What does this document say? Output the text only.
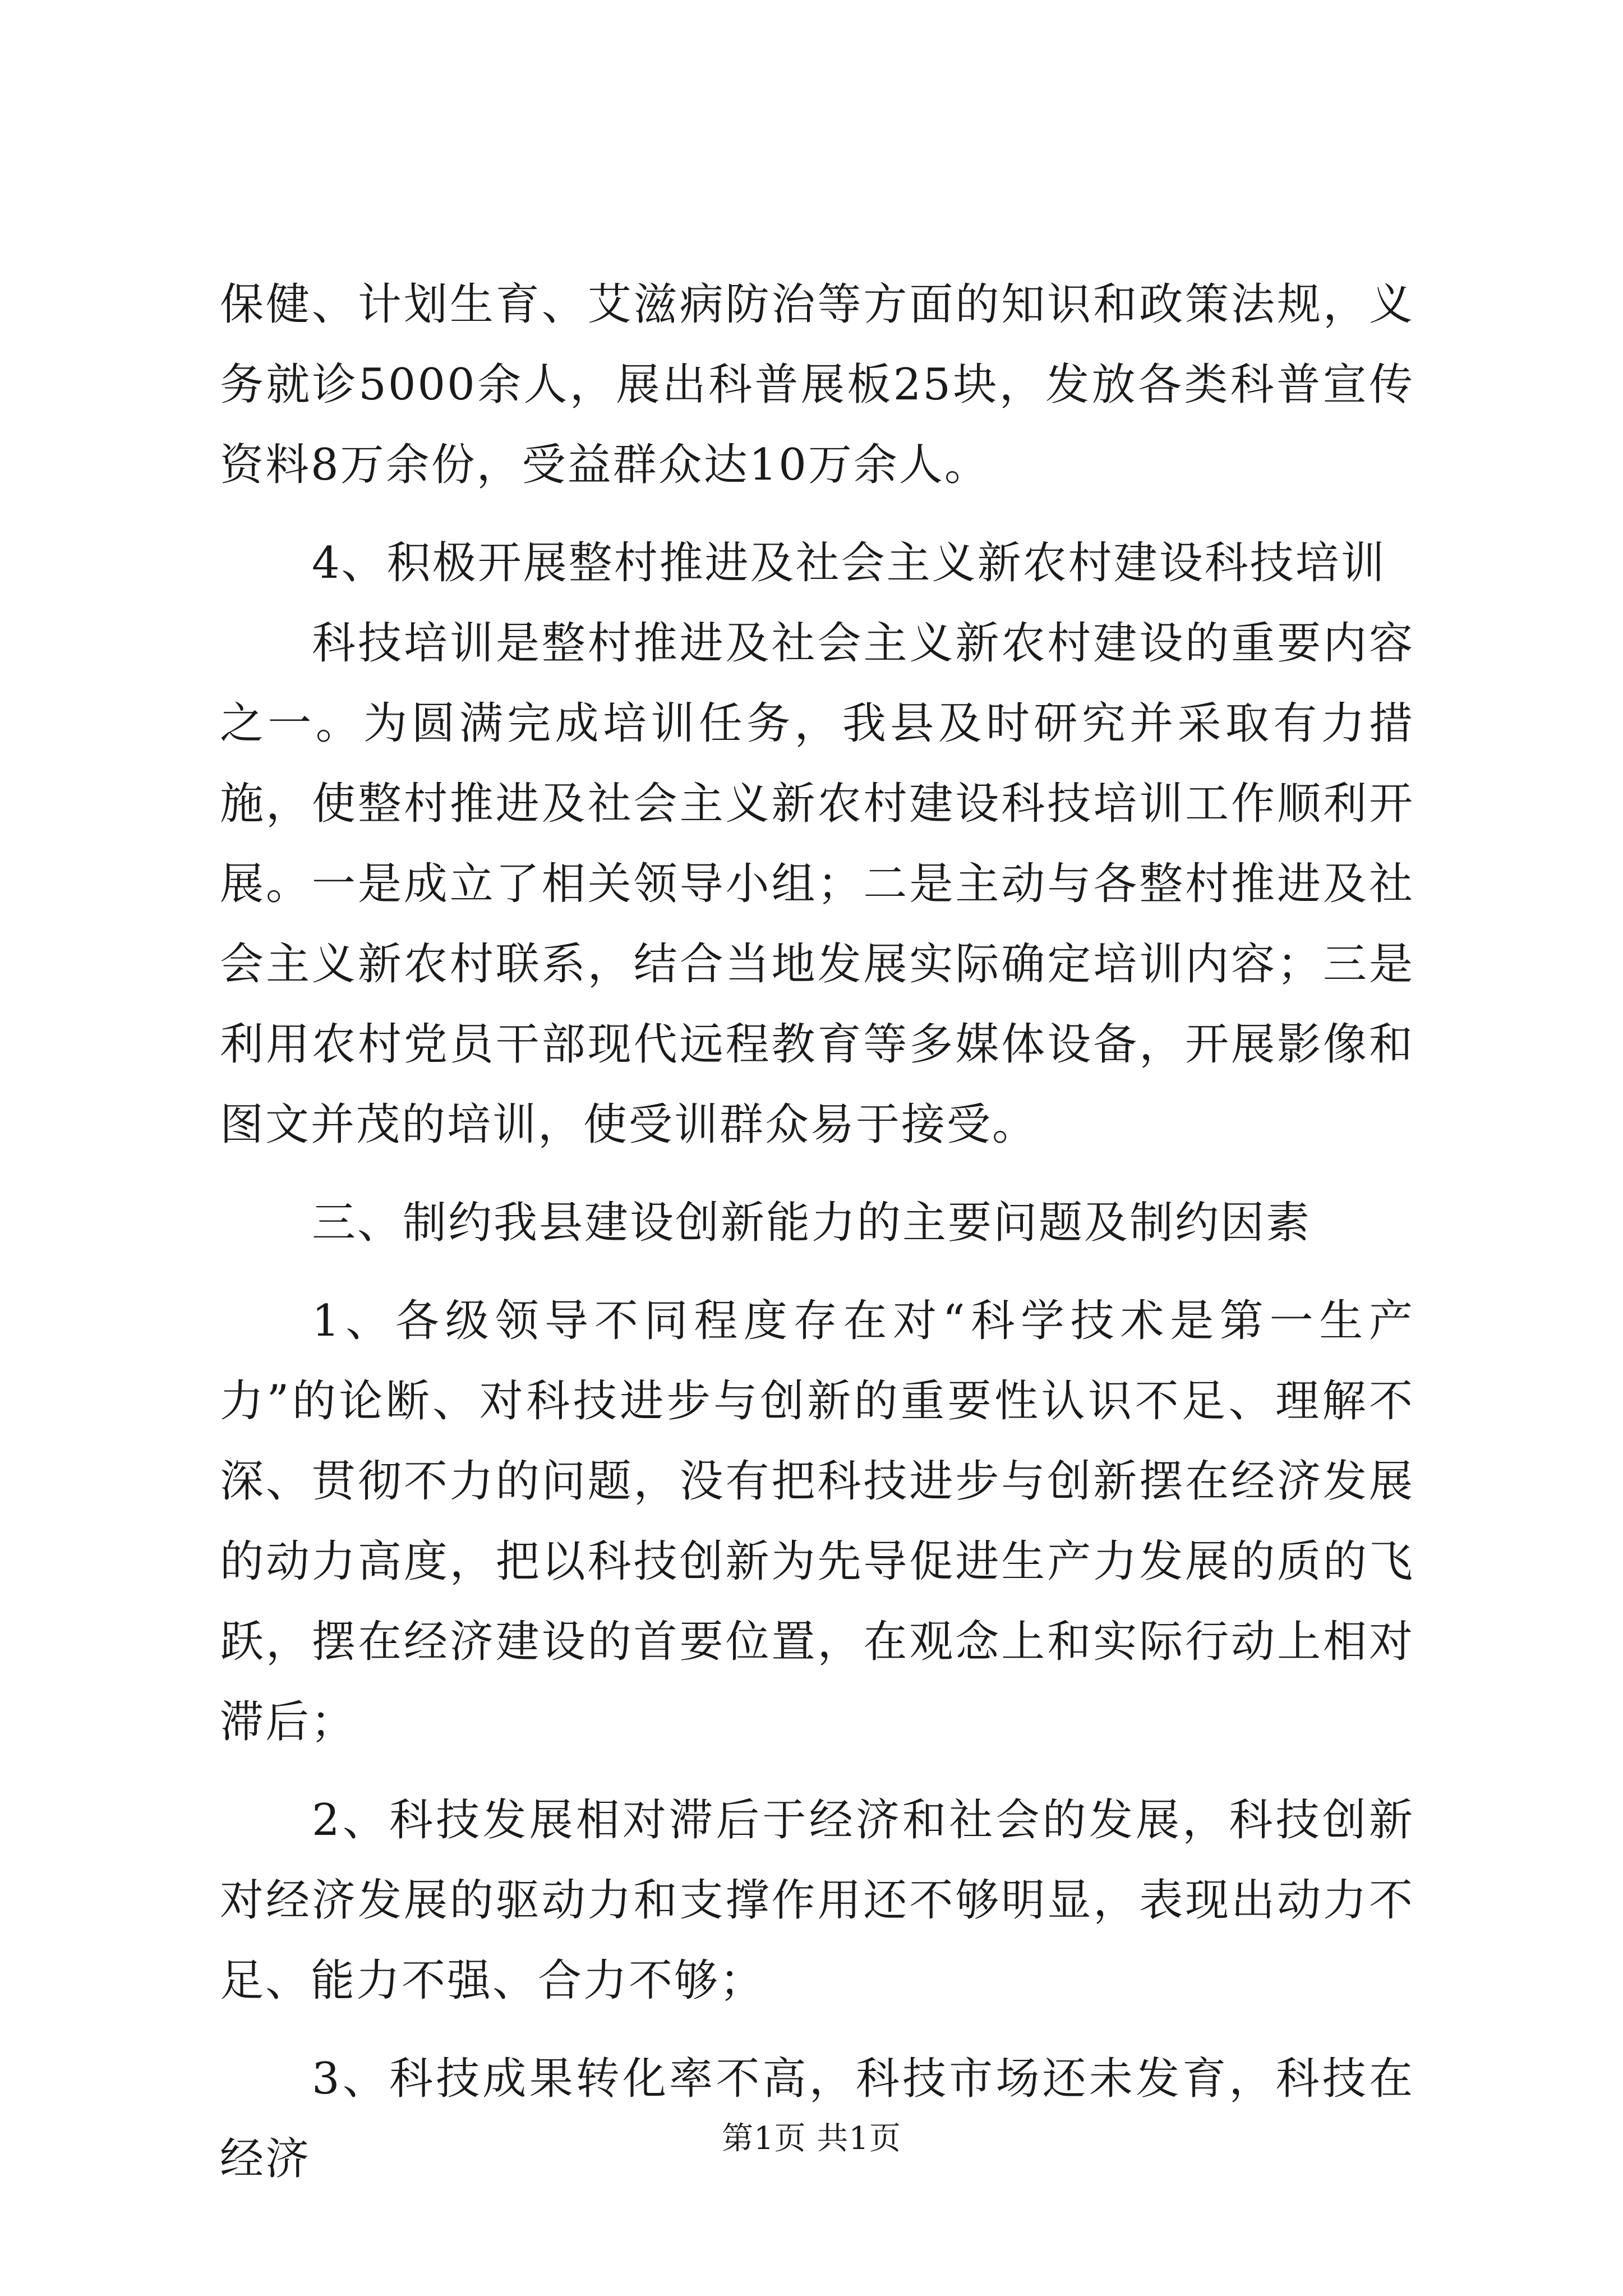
保健、计划生育、艾滋病防治等方面的知识和政策法规，义务就诊5000余人，展出科普展板25块，发放各类科普宣传资料8万余份，受益群众达10万余人。

4、积极开展整村推进及社会主义新农村建设科技培训

科技培训是整村推进及社会主义新农村建设的重要内容之一。为圆满完成培训任务，我县及时研究并采取有力措施，使整村推进及社会主义新农村建设科技培训工作顺利开展。一是成立了相关领导小组；二是主动与各整村推进及社会主义新农村联系，结合当地发展实际确定培训内容；三是利用农村党员干部现代远程教育等多媒体设备，开展影像和图文并茂的培训，使受训群众易于接受。

三、制约我县建设创新能力的主要问题及制约因素

1、各级领导不同程度存在对“科学技术是第一生产力”的论断、对科技进步与创新的重要性认识不足、理解不深、贯彻不力的问题，没有把科技进步与创新摆在经济发展的动力高度，把以科技创新为先导促进生产力发展的质的飞跃，摆在经济建设的首要位置，在观念上和实际行动上相对滞后；

2、科技发展相对滞后于经济和社会的发展，科技创新对经济发展的驱动力和支撑作用还不够明显，表现出动力不足、能力不强、合力不够；

3、科技成果转化率不高，科技市场还未发育，科技在经济	第1页 共1页
